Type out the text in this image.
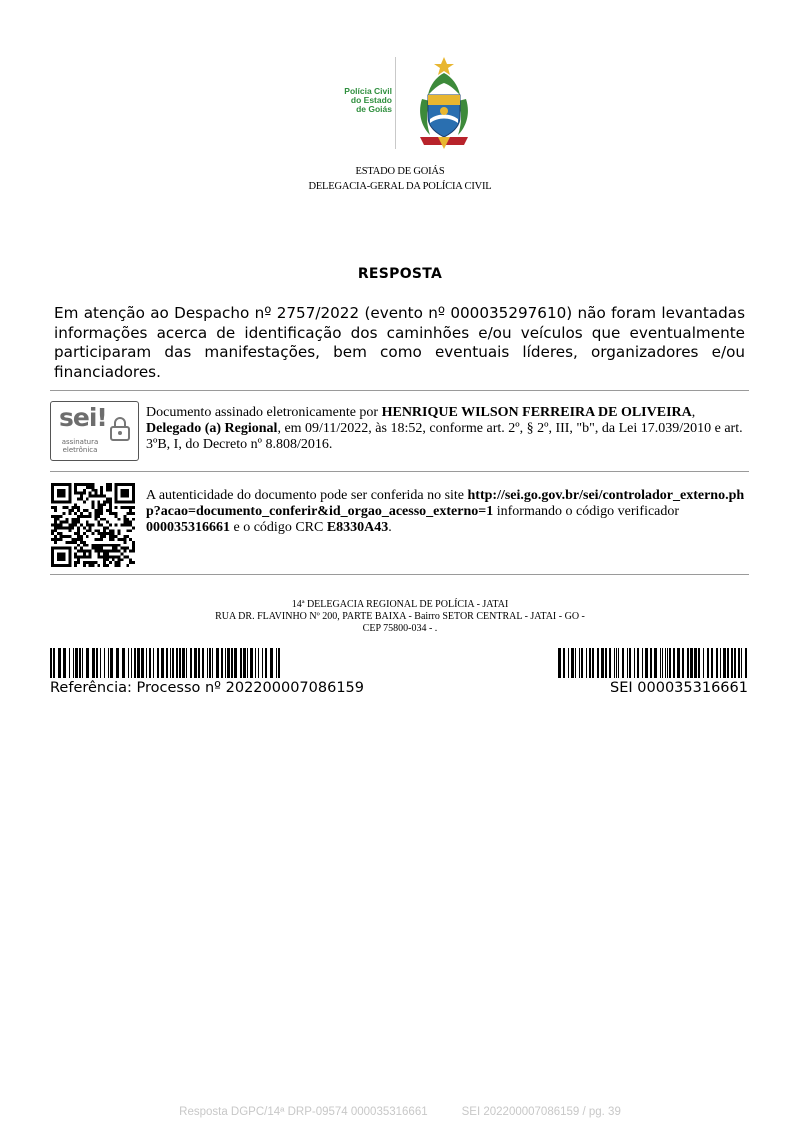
Polícia Civil
do Estado
de Goiás
ESTADO DE GOIÁS
DELEGACIA-GERAL DA POLÍCIA CIVIL
RESPOSTA
Em atenção ao Despacho nº 2757/2022 (evento nº 000035297610) não foram levantadas informações acerca de identificação dos caminhões e/ou veículos que eventualmente participaram das manifestações, bem como eventuais líderes, organizadores e/ou financiadores.
sei!
assinatura
eletrônica
Documento assinado eletronicamente por HENRIQUE WILSON FERREIRA DE OLIVEIRA, Delegado (a) Regional, em 09/11/2022, às 18:52, conforme art. 2º, § 2º, III, "b", da Lei 17.039/2010 e art. 3ºB, I, do Decreto nº 8.808/2016.
A autenticidade do documento pode ser conferida no site http://sei.go.gov.br/sei/controlador_externo.php?acao=documento_conferir&id_orgao_acesso_externo=1 informando o código verificador 000035316661 e o código CRC E8330A43.
14ª DELEGACIA REGIONAL DE POLÍCIA - JATAI
RUA DR. FLAVINHO Nº 200, PARTE BAIXA - Bairro SETOR CENTRAL - JATAI - GO -
CEP 75800-034 - .
Referência: Processo nº 202200007086159	SEI 000035316661
Resposta DGPC/14ª DRP-09574 000035316661	SEI 202200007086159 / pg. 39
